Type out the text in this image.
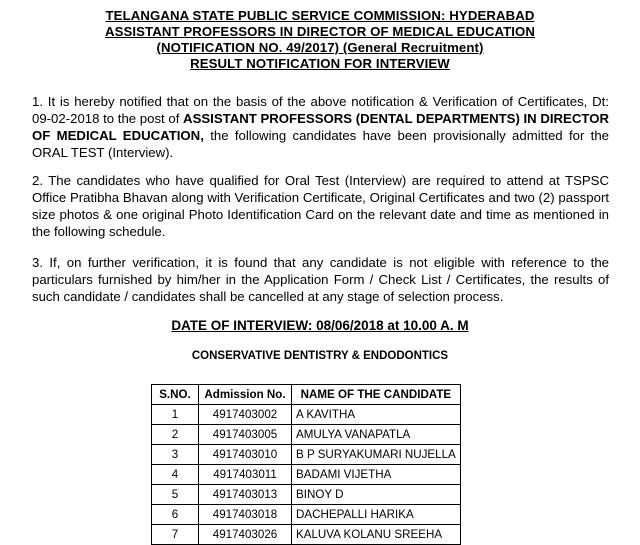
TELANGANA STATE PUBLIC SERVICE COMMISSION: HYDERABAD
ASSISTANT PROFESSORS IN DIRECTOR OF MEDICAL EDUCATION
(NOTIFICATION NO. 49/2017) (General Recruitment)
RESULT NOTIFICATION FOR INTERVIEW
1. It is hereby notified that on the basis of the above notification & Verification of Certificates, Dt: 09-02-2018 to the post of ASSISTANT PROFESSORS (DENTAL DEPARTMENTS) IN DIRECTOR OF MEDICAL EDUCATION, the following candidates have been provisionally admitted for the ORAL TEST (Interview).
2. The candidates who have qualified for Oral Test (Interview) are required to attend at TSPSC Office Pratibha Bhavan along with Verification Certificate, Original Certificates and two (2) passport size photos & one original Photo Identification Card on the relevant date and time as mentioned in the following schedule.
3. If, on further verification, it is found that any candidate is not eligible with reference to the particulars furnished by him/her in the Application Form / Check List / Certificates, the results of such candidate / candidates shall be cancelled at any stage of selection process.
DATE OF INTERVIEW: 08/06/2018 at 10.00 A. M
CONSERVATIVE DENTISTRY & ENDODONTICS
S.NO.	Admission No.	NAME OF THE CANDIDATE
1	4917403002	A KAVITHA
2	4917403005	AMULYA VANAPATLA
3	4917403010	B P SURYAKUMARI NUJELLA
4	4917403011	BADAMI VIJETHA
5	4917403013	BINOY D
6	4917403018	DACHEPALLI HARIKA
7	4917403026	KALUVA KOLANU SREEHA
